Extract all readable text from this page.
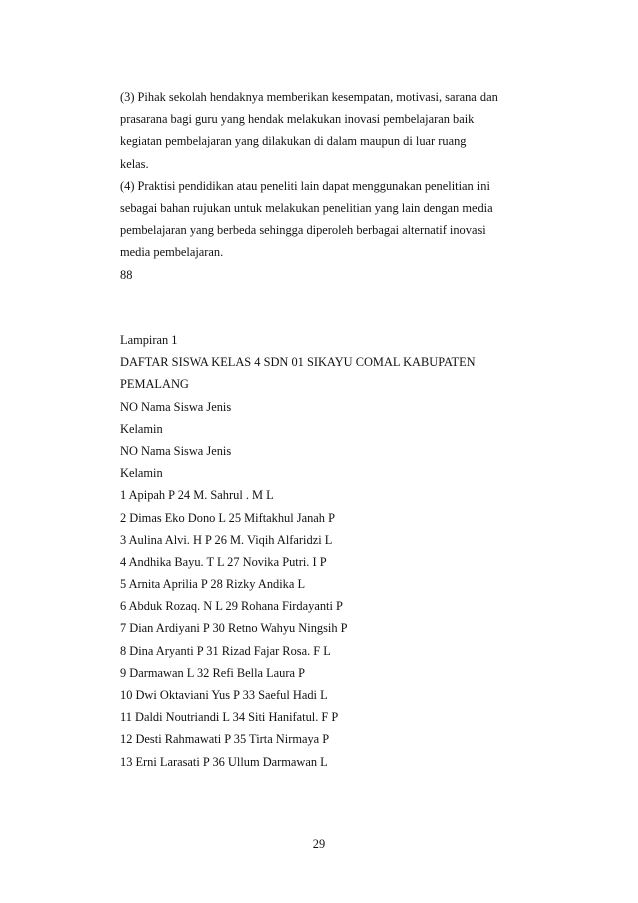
(3) Pihak sekolah hendaknya memberikan kesempatan, motivasi, sarana dan
prasarana bagi guru yang hendak melakukan inovasi pembelajaran baik
kegiatan pembelajaran yang dilakukan di dalam maupun di luar ruang
kelas.
(4) Praktisi pendidikan atau peneliti lain dapat menggunakan penelitian ini
sebagai bahan rujukan untuk melakukan penelitian yang lain dengan media
pembelajaran yang berbeda sehingga diperoleh berbagai alternatif inovasi
media pembelajaran.
88
Lampiran 1
DAFTAR SISWA KELAS 4 SDN 01 SIKAYU COMAL KABUPATEN
PEMALANG
NO Nama Siswa Jenis
Kelamin
NO Nama Siswa Jenis
Kelamin
1 Apipah P 24 M. Sahrul . M L
2 Dimas Eko Dono L 25 Miftakhul Janah P
3 Aulina Alvi. H P 26 M. Viqih Alfaridzi L
4 Andhika Bayu. T L 27 Novika Putri. I P
5 Arnita Aprilia P 28 Rizky Andika L
6 Abduk Rozaq. N L 29 Rohana Firdayanti P
7 Dian Ardiyani P 30 Retno Wahyu Ningsih P
8 Dina Aryanti P 31 Rizad Fajar Rosa. F L
9 Darmawan L 32 Refi Bella Laura P
10 Dwi Oktaviani Yus P 33 Saeful Hadi L
11 Daldi Noutriandi L 34 Siti Hanifatul. F P
12 Desti Rahmawati P 35 Tirta Nirmaya P
13 Erni Larasati P 36 Ullum Darmawan L
29
